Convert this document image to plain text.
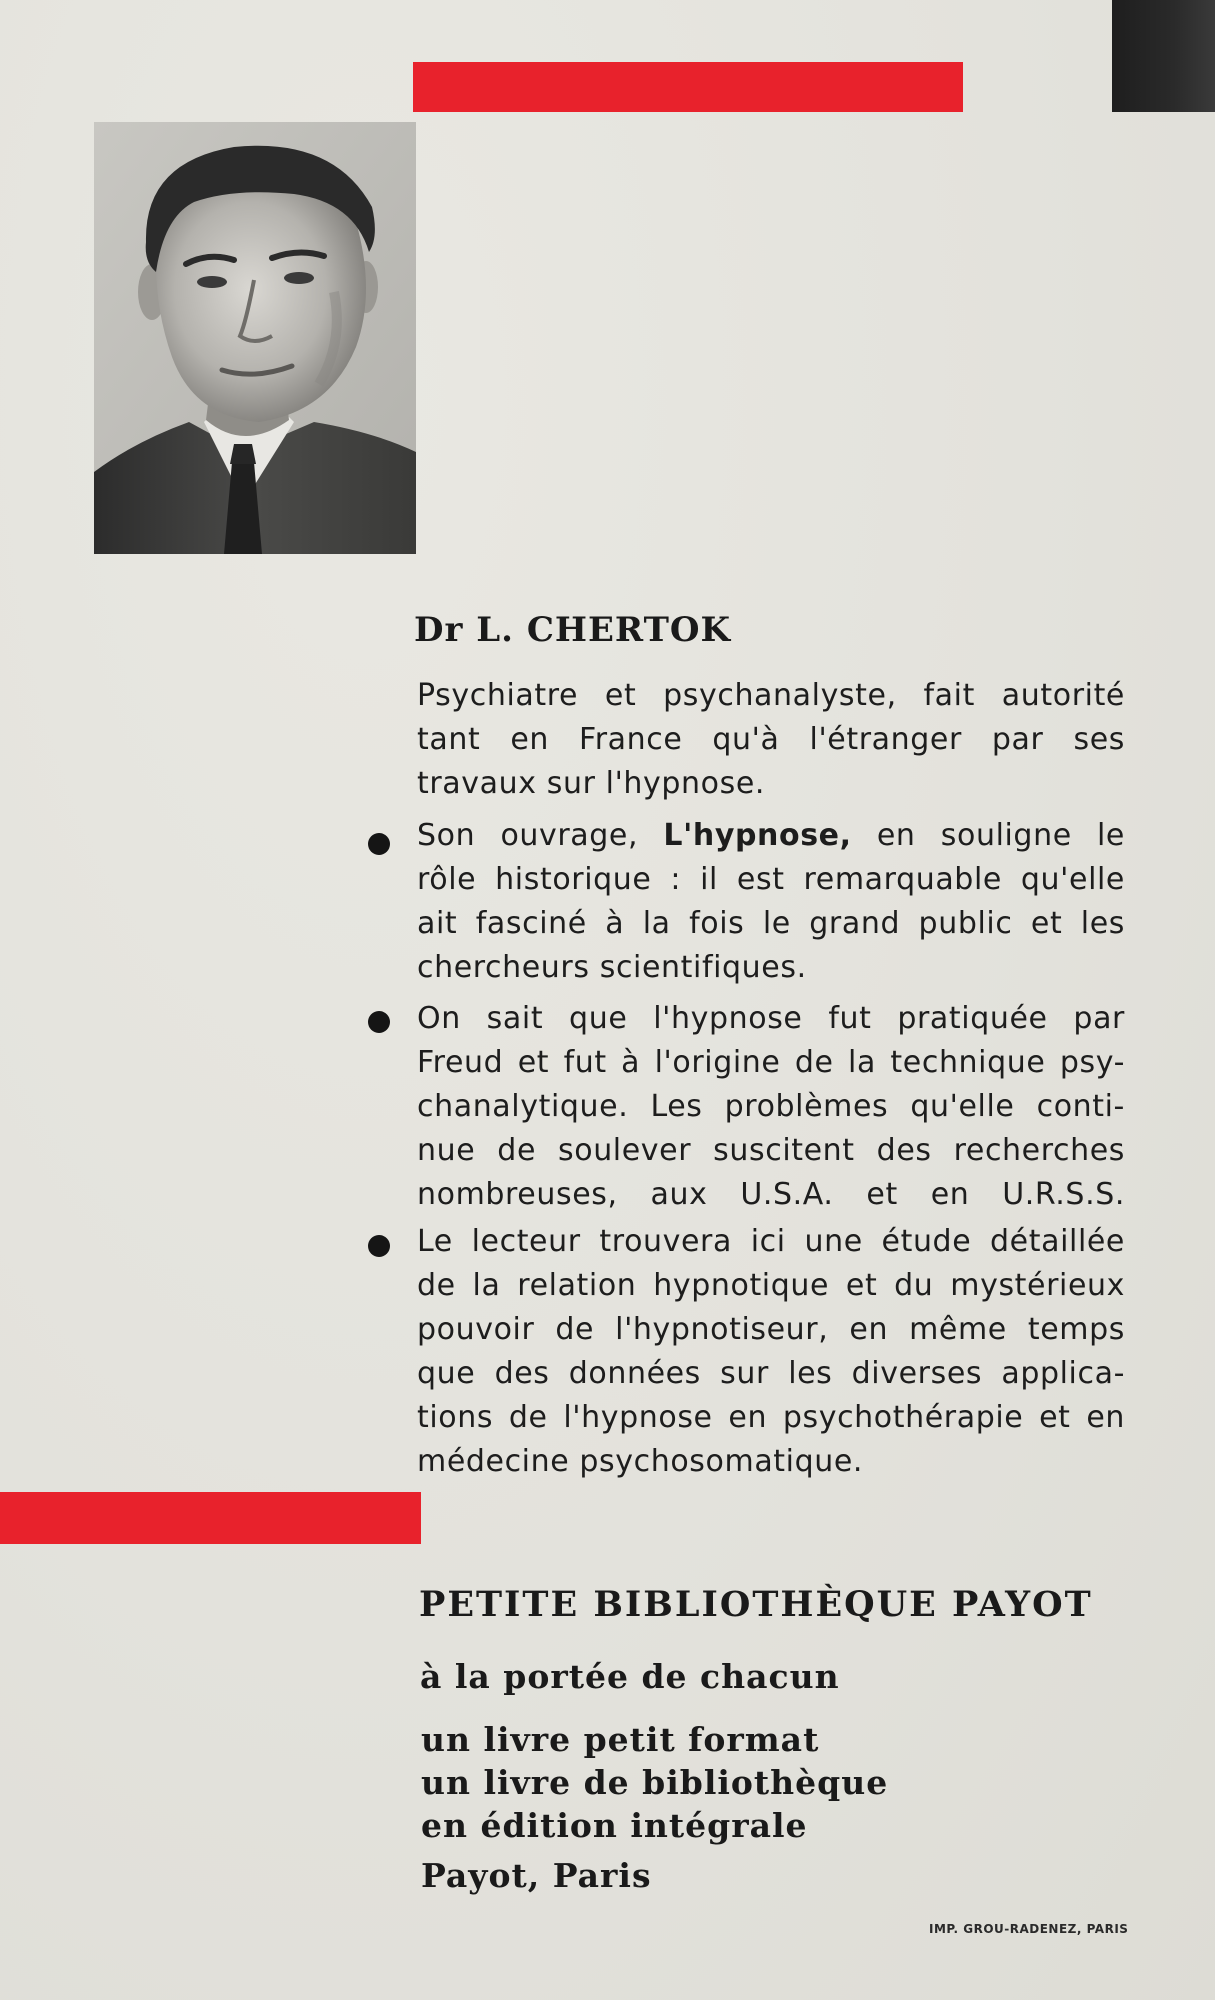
Dr L. CHERTOK
Psychiatre et psychanalyste, fait autorité
tant en France qu'à l'étranger par ses
travaux sur l'hypnose.
Son ouvrage, L'hypnose, en souligne le
rôle historique : il est remarquable qu'elle
ait fasciné à la fois le grand public et les
chercheurs scientifiques.
On sait que l'hypnose fut pratiquée par
Freud et fut à l'origine de la technique psy-
chanalytique. Les problèmes qu'elle conti-
nue de soulever suscitent des recherches
nombreuses, aux U.S.A. et en U.R.S.S.
Le lecteur trouvera ici une étude détaillée
de la relation hypnotique et du mystérieux
pouvoir de l'hypnotiseur, en même temps
que des données sur les diverses applica-
tions de l'hypnose en psychothérapie et en
médecine psychosomatique.
PETITE BIBLIOTHÈQUE PAYOT
à la portée de chacun
un livre petit format
un livre de bibliothèque
en édition intégrale
Payot, Paris
IMP. GROU-RADENEZ, PARIS
